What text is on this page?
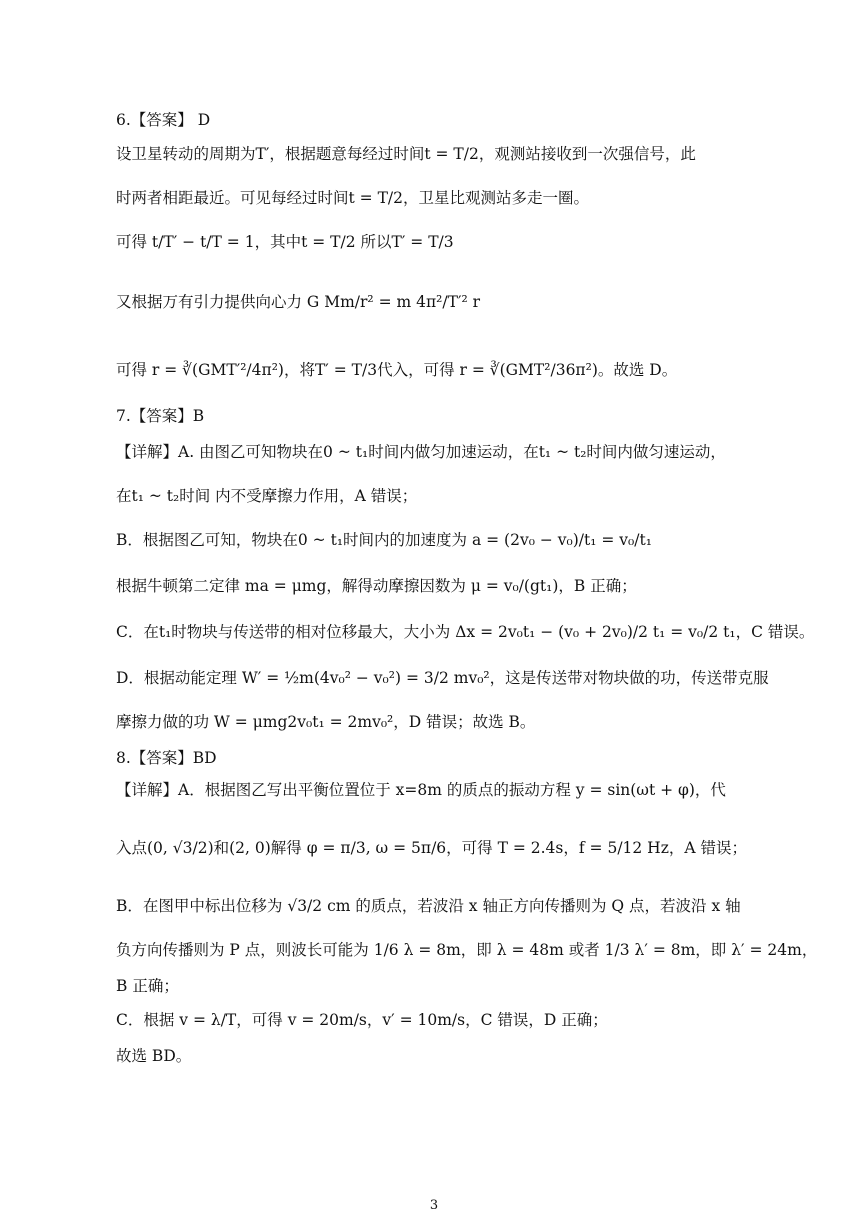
6.【答案】 D
设卫星转动的周期为T′，根据题意每经过时间t = T/2，观测站接收到一次强信号，此
时两者相距最近。可见每经过时间t = T/2，卫星比观测站多走一圈。
可得 t/T′ − t/T = 1，其中t = T/2 所以T′ = T/3
又根据万有引力提供向心力 G Mm/r² = m 4π²/T′² r
可得 r = ∛(GMT′²/4π²)，将T′ = T/3代入，可得 r = ∛(GMT²/36π²)。故选 D。
7.【答案】B
【详解】A. 由图乙可知物块在0 ~ t₁时间内做匀加速运动，在t₁ ~ t₂时间内做匀速运动，
在t₁ ~ t₂时间 内不受摩擦力作用，A 错误；
B．根据图乙可知，物块在0 ~ t₁时间内的加速度为 a = (2v₀ − v₀)/t₁ = v₀/t₁
根据牛顿第二定律 ma = μmg，解得动摩擦因数为 μ = v₀/(gt₁)，B 正确；
C．在t₁时物块与传送带的相对位移最大，大小为 Δx = 2v₀t₁ − (v₀ + 2v₀)/2 t₁ = v₀/2 t₁，C 错误。
D．根据动能定理 W′ = ½m(4v₀² − v₀²) = 3/2 mv₀²，这是传送带对物块做的功，传送带克服
摩擦力做的功 W = μmg2v₀t₁ = 2mv₀²，D 错误；故选 B。
8.【答案】BD
【详解】A．根据图乙写出平衡位置位于 x=8m 的质点的振动方程 y = sin(ωt + φ)，代
入点(0, √3/2)和(2, 0)解得 φ = π/3, ω = 5π/6，可得 T = 2.4s，f = 5/12 Hz，A 错误；
B．在图甲中标出位移为 √3/2 cm 的质点，若波沿 x 轴正方向传播则为 Q 点，若波沿 x 轴
负方向传播则为 P 点，则波长可能为 1/6 λ = 8m，即 λ = 48m 或者 1/3 λ′ = 8m，即 λ′ = 24m，
B 正确；
C．根据 v = λ/T，可得 v = 20m/s，v′ = 10m/s，C 错误，D 正确；
故选 BD。
3
